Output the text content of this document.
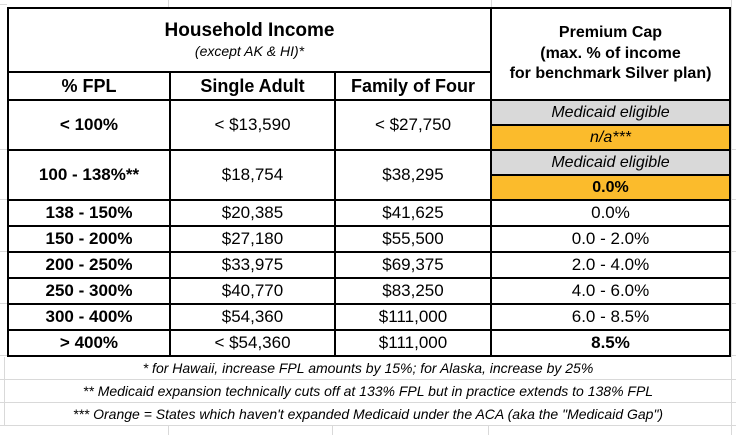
Household Income
(except AK & HI)*

Premium Cap
(max. % of income
for benchmark Silver plan)

% FPL	Single Adult	Family of Four	
< 100%	< $13,590	< $27,750	Medicaid eligible
			n/a***
100 - 138%**	$18,754	$38,295	Medicaid eligible
			0.0%
138 - 150%	$20,385	$41,625	0.0%
150 - 200%	$27,180	$55,500	0.0 - 2.0%
200 - 250%	$33,975	$69,375	2.0 - 4.0%
250 - 300%	$40,770	$83,250	4.0 - 6.0%
300 - 400%	$54,360	$111,000	6.0 - 8.5%
> 400%	< $54,360	$111,000	8.5%
* for Hawaii, increase FPL amounts by 15%; for Alaska, increase by 25%
** Medicaid expansion technically cuts off at 133% FPL but in practice extends to 138% FPL
*** Orange = States which haven't expanded Medicaid under the ACA (aka the "Medicaid Gap")
